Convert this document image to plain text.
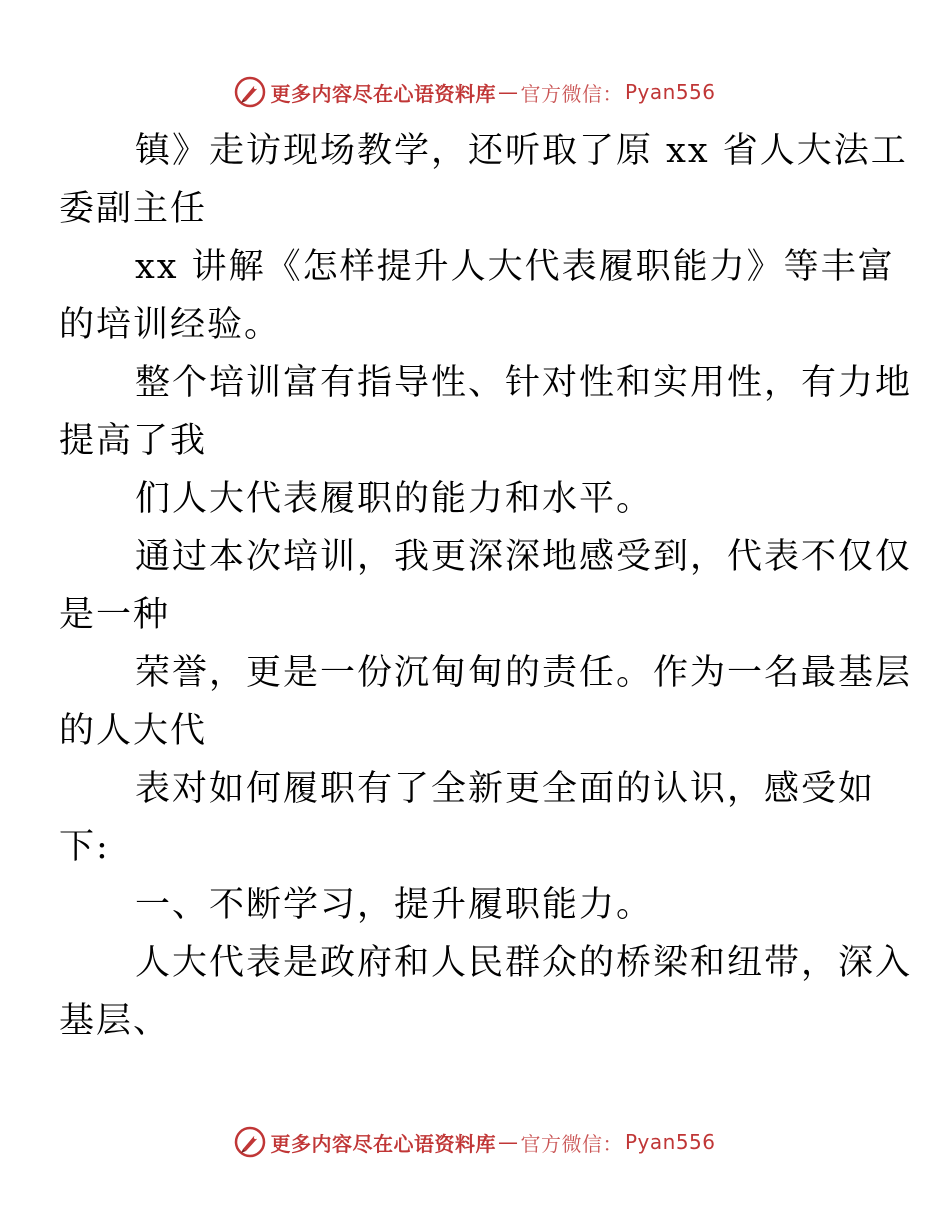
更多内容尽在心语资料库 — 官方微信： Pyan556

镇》走访现场教学，还听取了原 xx 省人大法工
委副主任

xx 讲解《怎样提升人大代表履职能力》等丰富
的培训经验。

整个培训富有指导性、针对性和实用性，有力地
提高了我

们人大代表履职的能力和水平。

通过本次培训，我更深深地感受到，代表不仅仅
是一种

荣誉，更是一份沉甸甸的责任。作为一名最基层
的人大代

表对如何履职有了全新更全面的认识，感受如
下:

一、不断学习，提升履职能力。

人大代表是政府和人民群众的桥梁和纽带，深入
基层、

更多内容尽在心语资料库 — 官方微信： Pyan556
